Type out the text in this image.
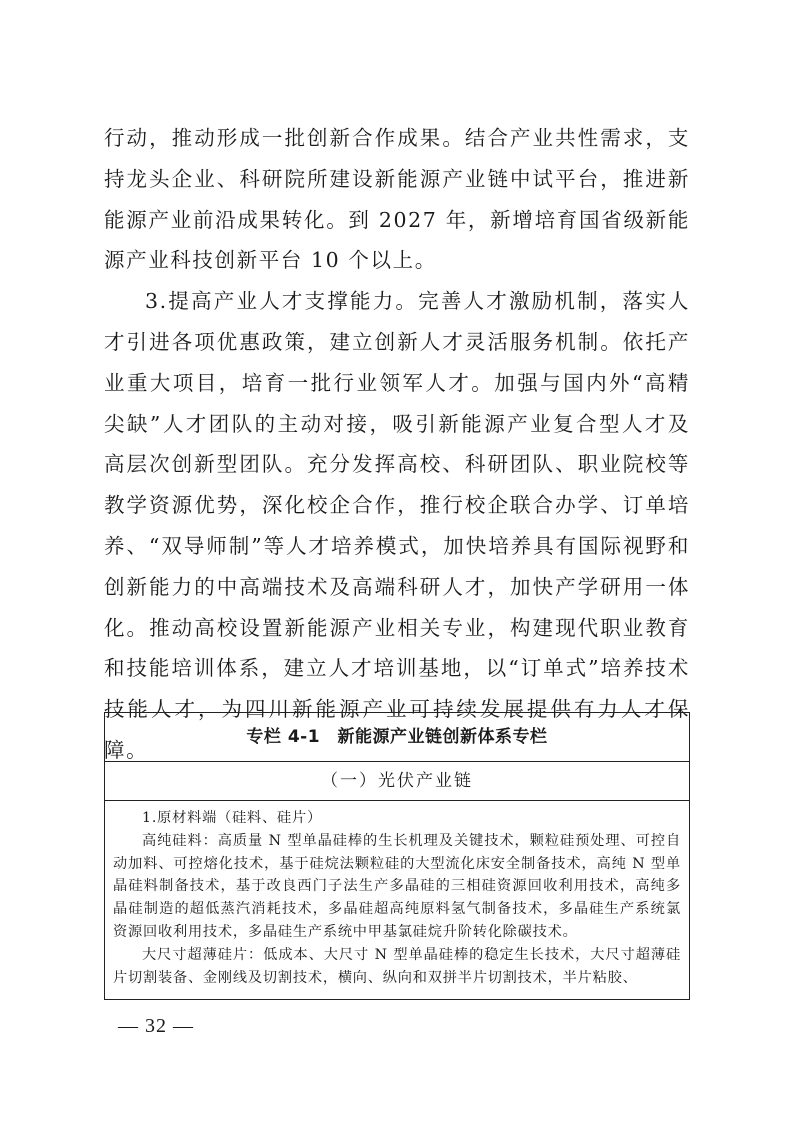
行动，推动形成一批创新合作成果。结合产业共性需求，支持龙头企业、科研院所建设新能源产业链中试平台，推进新能源产业前沿成果转化。到 2027 年，新增培育国省级新能源产业科技创新平台 10 个以上。

3.提高产业人才支撑能力。完善人才激励机制，落实人才引进各项优惠政策，建立创新人才灵活服务机制。依托产业重大项目，培育一批行业领军人才。加强与国内外“高精尖缺”人才团队的主动对接，吸引新能源产业复合型人才及高层次创新型团队。充分发挥高校、科研团队、职业院校等教学资源优势，深化校企合作，推行校企联合办学、订单培养、“双导师制”等人才培养模式，加快培养具有国际视野和创新能力的中高端技术及高端科研人才，加快产学研用一体化。推动高校设置新能源产业相关专业，构建现代职业教育和技能培训体系，建立人才培训基地，以“订单式”培养技术技能人才，为四川新能源产业可持续发展提供有力人才保障。

专栏 4-1　新能源产业链创新体系专栏
（一）光伏产业链

1.原材料端（硅料、硅片）

高纯硅料：高质量 N 型单晶硅棒的生长机理及关键技术，颗粒硅预处理、可控自动加料、可控熔化技术，基于硅烷法颗粒硅的大型流化床安全制备技术，高纯 N 型单晶硅料制备技术，基于改良西门子法生产多晶硅的三相硅资源回收利用技术，高纯多晶硅制造的超低蒸汽消耗技术，多晶硅超高纯原料氢气制备技术，多晶硅生产系统氯资源回收利用技术，多晶硅生产系统中甲基氯硅烷升阶转化除碳技术。

大尺寸超薄硅片：低成本、大尺寸 N 型单晶硅棒的稳定生长技术，大尺寸超薄硅片切割装备、金刚线及切割技术，横向、纵向和双拼半片切割技术，半片粘胶、

— 32 —
